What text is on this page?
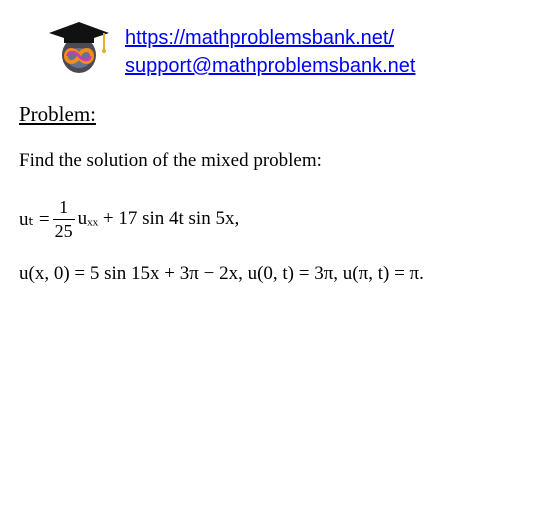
https://mathproblemsbank.net/
support@mathproblemsbank.net
Problem:
Find the solution of the mixed problem:
$u_t = \frac{1}{25}$ uₓₓ + 17 sin 4t sin 5x,
u(x, 0) = 5 sin 15x + 3π − 2x, u(0, t) = 3π, u(π, t) = π.
